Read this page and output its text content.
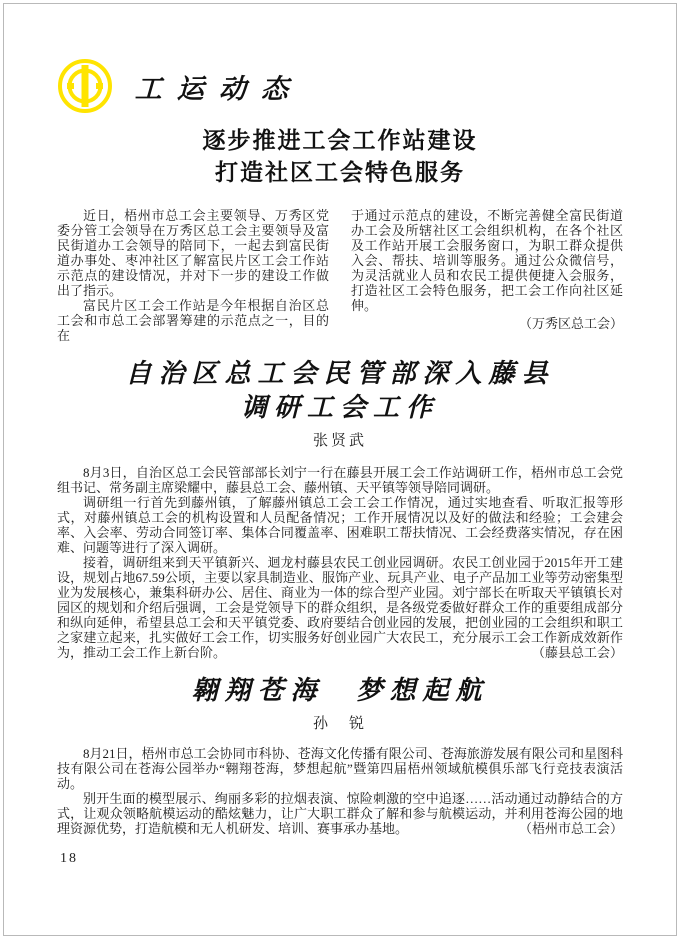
工运动态
逐步推进工会工作站建设
打造社区工会特色服务

近日，梧州市总工会主要领导、万秀区党委分管工会领导在万秀区总工会主要领导及富民街道办工会领导的陪同下，一起去到富民街道办事处、枣冲社区了解富民片区工会工作站示范点的建设情况，并对下一步的建设工作做出了指示。

富民片区工会工作站是今年根据自治区总工会和市总工会部署筹建的示范点之一，目的在

于通过示范点的建设，不断完善健全富民街道办工会及所辖社区工会组织机构，在各个社区及工作站开展工会服务窗口，为职工群众提供入会、帮扶、培训等服务。通过公众微信号，为灵活就业人员和农民工提供便捷入会服务，打造社区工会特色服务，把工会工作向社区延伸。

（万秀区总工会）

自治区总工会民管部深入藤县
调研工会工作
张贤武

8月3日，自治区总工会民管部部长刘宁一行在藤县开展工会工作站调研工作，梧州市总工会党组书记、常务副主席梁耀中，藤县总工会、藤州镇、天平镇等领导陪同调研。

调研组一行首先到藤州镇，了解藤州镇总工会工会工作情况，通过实地查看、听取汇报等形式，对藤州镇总工会的机构设置和人员配备情况；工作开展情况以及好的做法和经验；工会建会率、入会率、劳动合同签订率、集体合同覆盖率、困难职工帮扶情况、工会经费落实情况，存在困难、问题等进行了深入调研。

接着，调研组来到天平镇新兴、迴龙村藤县农民工创业园调研。农民工创业园于2015年开工建设，规划占地67.59公顷，主要以家具制造业、服饰产业、玩具产业、电子产品加工业等劳动密集型业为发展核心，兼集科研办公、居住、商业为一体的综合型产业园。刘宁部长在听取天平镇镇长对园区的规划和介绍后强调，工会是党领导下的群众组织，是各级党委做好群众工作的重要组成部分和纵向延伸，希望县总工会和天平镇党委、政府要结合创业园的发展，把创业园的工会组织和职工之家建立起来，扎实做好工会工作，切实服务好创业园广大农民工，充分展示工会工作新成效新作为，推动工会工作上新台阶。	（藤县总工会）

翱翔苍海　梦想起航
孙　锐

8月21日，梧州市总工会协同市科协、苍海文化传播有限公司、苍海旅游发展有限公司和星图科技有限公司在苍海公园举办“翱翔苍海，梦想起航”暨第四届梧州领域航模俱乐部飞行竞技表演活动。

别开生面的模型展示、绚丽多彩的拉烟表演、惊险刺激的空中追逐……活动通过动静结合的方式，让观众领略航模运动的酷炫魅力，让广大职工群众了解和参与航模运动，并利用苍海公园的地理资源优势，打造航模和无人机研发、培训、赛事承办基地。	（梧州市总工会）

18
